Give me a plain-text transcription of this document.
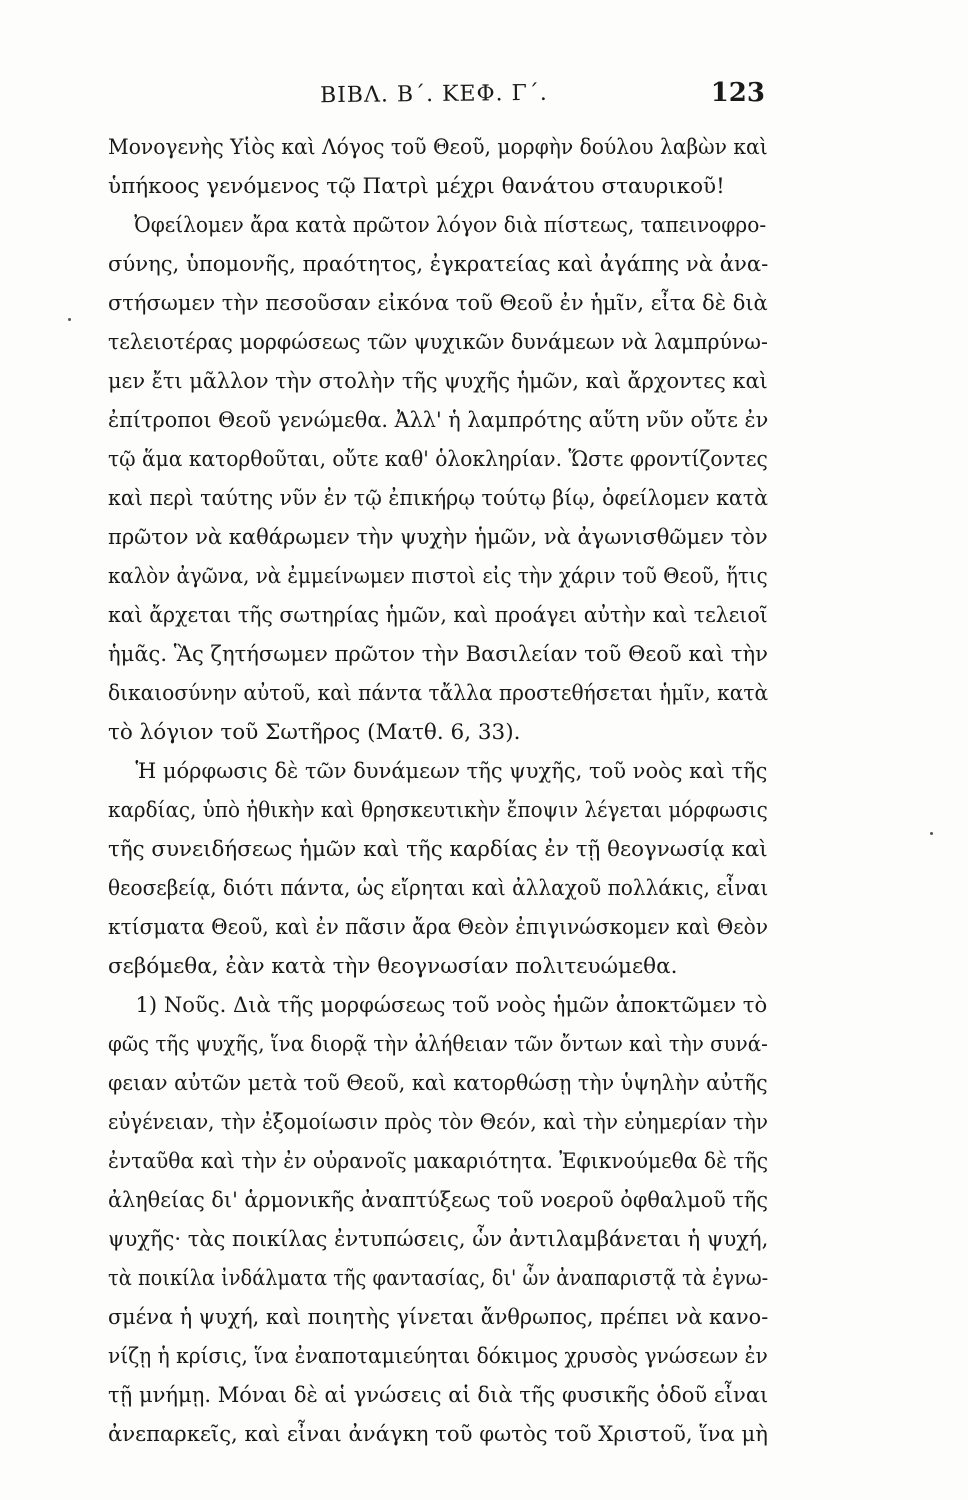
ΒΙΒΛ. Β΄. ΚΕΦ. Γ΄.	123
Μονογενὴς Υἱὸς καὶ Λόγος τοῦ Θεοῦ, μορφὴν δούλου λαβὼν καὶ
ὑπήκοος γενόμενος τῷ Πατρὶ μέχρι θανάτου σταυρικοῦ!
Ὀφείλομεν ἄρα κατὰ πρῶτον λόγον διὰ πίστεως, ταπεινοφρο-
σύνης, ὑπομονῆς, πραότητος, ἐγκρατείας καὶ ἀγάπης νὰ ἀνα-
στήσωμεν τὴν πεσοῦσαν εἰκόνα τοῦ Θεοῦ ἐν ἡμῖν, εἶτα δὲ διὰ
τελειοτέρας μορφώσεως τῶν ψυχικῶν δυνάμεων νὰ λαμπρύνω-
μεν ἔτι μᾶλλον τὴν στολὴν τῆς ψυχῆς ἡμῶν, καὶ ἄρχοντες καὶ
ἐπίτροποι Θεοῦ γενώμεθα. Ἀλλ' ἡ λαμπρότης αὕτη νῦν οὔτε ἐν
τῷ ἅμα κατορθοῦται, οὔτε καθ' ὁλοκληρίαν. Ὥστε φροντίζοντες
καὶ περὶ ταύτης νῦν ἐν τῷ ἐπικήρῳ τούτῳ βίῳ, ὀφείλομεν κατὰ
πρῶτον νὰ καθάρωμεν τὴν ψυχὴν ἡμῶν, νὰ ἀγωνισθῶμεν τὸν
καλὸν ἀγῶνα, νὰ ἐμμείνωμεν πιστοὶ εἰς τὴν χάριν τοῦ Θεοῦ, ἥτις
καὶ ἄρχεται τῆς σωτηρίας ἡμῶν, καὶ προάγει αὐτὴν καὶ τελειοῖ
ἡμᾶς. Ἃς ζητήσωμεν πρῶτον τὴν Βασιλείαν τοῦ Θεοῦ καὶ τὴν
δικαιοσύνην αὐτοῦ, καὶ πάντα τἄλλα προστεθήσεται ἡμῖν, κατὰ
τὸ λόγιον τοῦ Σωτῆρος (Ματθ. 6, 33).
Ἡ μόρφωσις δὲ τῶν δυνάμεων τῆς ψυχῆς, τοῦ νοὸς καὶ τῆς
καρδίας, ὑπὸ ἠθικὴν καὶ θρησκευτικὴν ἔποψιν λέγεται μόρφωσις
τῆς συνειδήσεως ἡμῶν καὶ τῆς καρδίας ἐν τῇ θεογνωσίᾳ καὶ
θεοσεβείᾳ, διότι πάντα, ὡς εἴρηται καὶ ἀλλαχοῦ πολλάκις, εἶναι
κτίσματα Θεοῦ, καὶ ἐν πᾶσιν ἄρα Θεὸν ἐπιγινώσκομεν καὶ Θεὸν
σεβόμεθα, ἐὰν κατὰ τὴν θεογνωσίαν πολιτευώμεθα.
1) Νοῦς. Διὰ τῆς μορφώσεως τοῦ νοὸς ἡμῶν ἀποκτῶμεν τὸ
φῶς τῆς ψυχῆς, ἵνα διορᾷ τὴν ἀλήθειαν τῶν ὄντων καὶ τὴν συνά-
φειαν αὐτῶν μετὰ τοῦ Θεοῦ, καὶ κατορθώσῃ τὴν ὑψηλὴν αὐτῆς
εὐγένειαν, τὴν ἐξομοίωσιν πρὸς τὸν Θεόν, καὶ τὴν εὐημερίαν τὴν
ἐνταῦθα καὶ τὴν ἐν οὐρανοῖς μακαριότητα. Ἐφικνούμεθα δὲ τῆς
ἀληθείας δι' ἁρμονικῆς ἀναπτύξεως τοῦ νοεροῦ ὀφθαλμοῦ τῆς
ψυχῆς· τὰς ποικίλας ἐντυπώσεις, ὧν ἀντιλαμβάνεται ἡ ψυχή,
τὰ ποικίλα ἰνδάλματα τῆς φαντασίας, δι' ὧν ἀναπαριστᾷ τὰ ἐγνω-
σμένα ἡ ψυχή, καὶ ποιητὴς γίνεται ἄνθρωπος, πρέπει νὰ κανο-
νίζῃ ἡ κρίσις, ἵνα ἐναποταμιεύηται δόκιμος χρυσὸς γνώσεων ἐν
τῇ μνήμῃ. Μόναι δὲ αἱ γνώσεις αἱ διὰ τῆς φυσικῆς ὁδοῦ εἶναι
ἀνεπαρκεῖς, καὶ εἶναι ἀνάγκη τοῦ φωτὸς τοῦ Χριστοῦ, ἵνα μὴ
